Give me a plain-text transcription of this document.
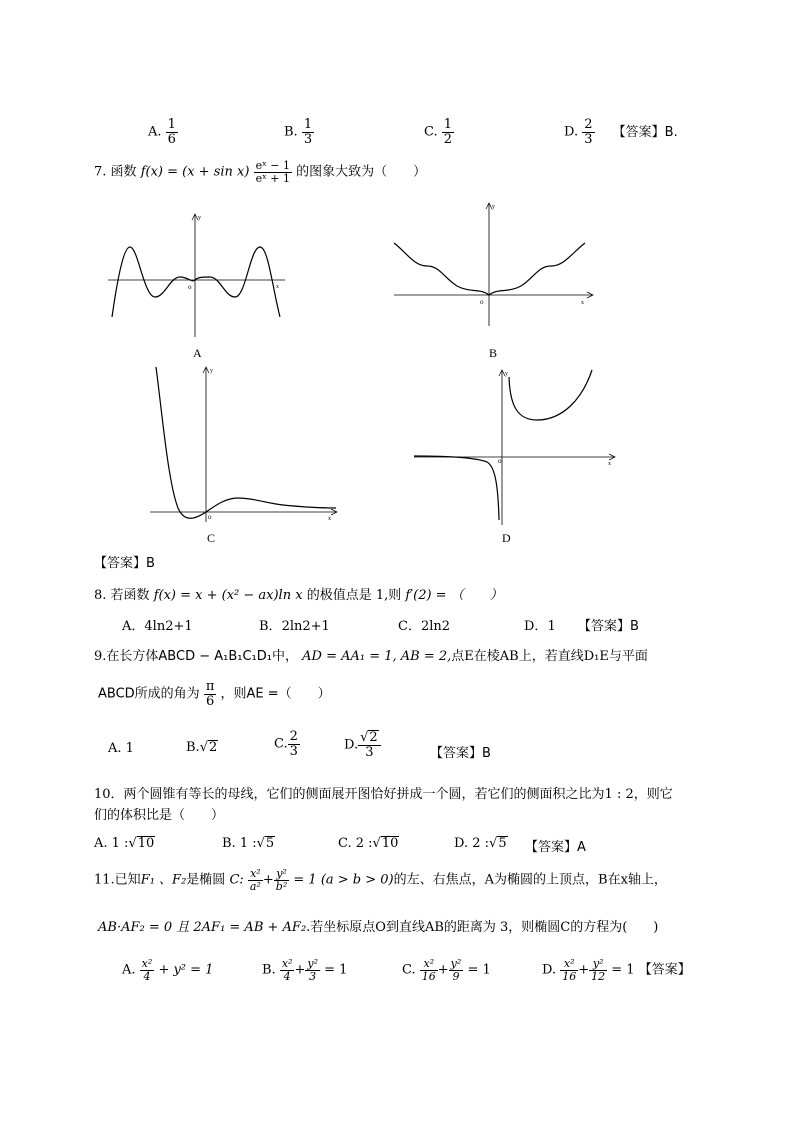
A. $\frac{1}{6}$	B. $\frac{1}{3}$	C. $\frac{1}{2}$	D. $\frac{2}{3}$ 【答案】B.
7. 函数 $f(x) = (x + \sin x) \frac{\text{eˣ − 1}}{\text{eˣ + 1}}$ 的图象大致为（　　）
y
x
o
A
y
x
o
B
y
x
o
C
y
x
o
D
【答案】B
8. 若函数 f(x) = x + (x² − ax)ln x 的极值点是 1,则 f′(2) = （　　）
A．4ln2+1	B．2ln2+1	C．2ln2	D．1 【答案】B
9.在长方体ABCD − A₁B₁C₁D₁中， AD = AA₁ = 1, AB = 2,点E在棱AB上，若直线D₁E与平面
ABCD所成的角为 $\frac{\pi}{6}$ ，则AE =（　　）
A. 1	B.√2	C. $\frac{2}{3}$	D. $\frac{√2}{3}$	【答案】B
10．两个圆锥有等长的母线，它们的侧面展开图恰好拼成一个圆，若它们的侧面积之比为1 : 2，则它
们的体积比是（　　）
A. 1 :√10	B. 1 :√5	C. 2 :√10	D. 2 :√5 【答案】A
11.已知F₁ 、F₂是椭圆 C: $\frac{\text{x²}}{\text{a²}} + \frac{\text{y²}}{\text{b²}} = 1$ (a > b > 0)的左、右焦点，A为椭圆的上顶点，B在x轴上，
AB·AF₂ = 0 且 2AF₁ = AB + AF₂.若坐标原点O到直线AB的距离为 3，则椭圆C的方程为(　　)
A. $\frac{\text{x²}}{4} + y^2 = 1$	B. $\frac{\text{x²}}{4} + \frac{\text{y²}}{3} = 1$	C. $\frac{\text{x²}}{16} + \frac{\text{y²}}{9} = 1$	D. $\frac{\text{x²}}{16} + \frac{\text{y²}}{12} = 1$ 【答案】
